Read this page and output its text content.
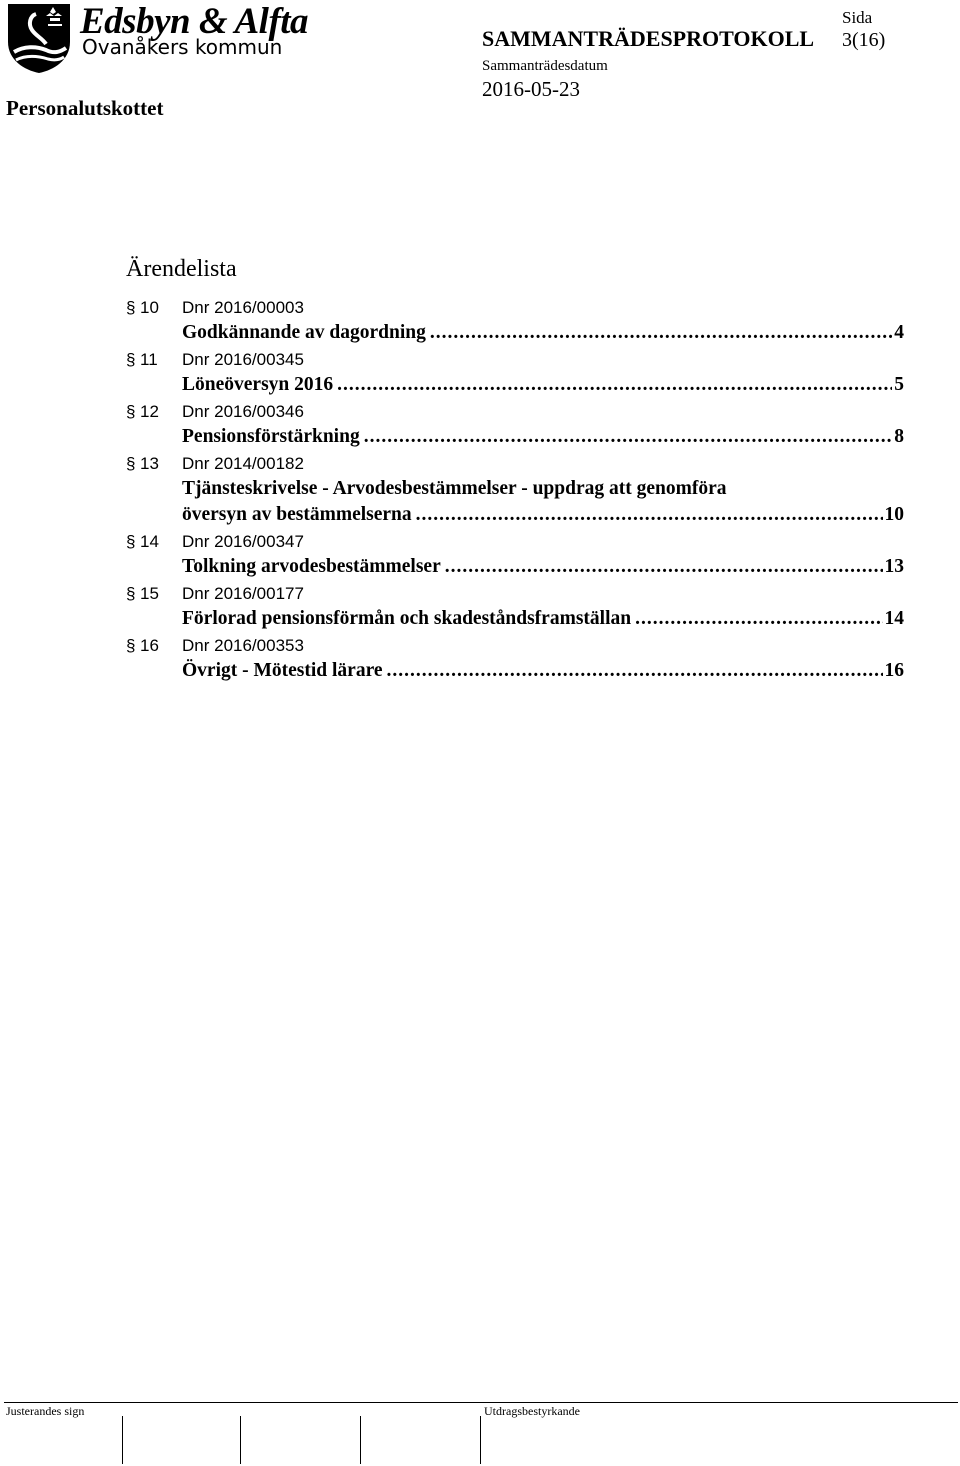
Edsbyn & Alfta
Ovanåkers kommun
Personalutskottet
SAMMANTRÄDESPROTOKOLL
Sammanträdesdatum
2016-05-23
Sida
3(16)
Ärendelista
§ 10 Dnr 2016/00003
Godkännande av dagordning .....	4
§ 11 Dnr 2016/00345
Löneöversyn 2016 .....	5
§ 12 Dnr 2016/00346
Pensionsförstärkning .....	8
§ 13 Dnr 2014/00182
Tjänsteskrivelse - Arvodesbestämmelser - uppdrag att genomföra
översyn av bestämmelserna .....	10
§ 14 Dnr 2016/00347
Tolkning arvodesbestämmelser .....	13
§ 15 Dnr 2016/00177
Förlorad pensionsförmån och skadeståndsframställan .....	14
§ 16 Dnr 2016/00353
Övrigt - Mötestid lärare .....	16
Justerandes sign	Utdragsbestyrkande
